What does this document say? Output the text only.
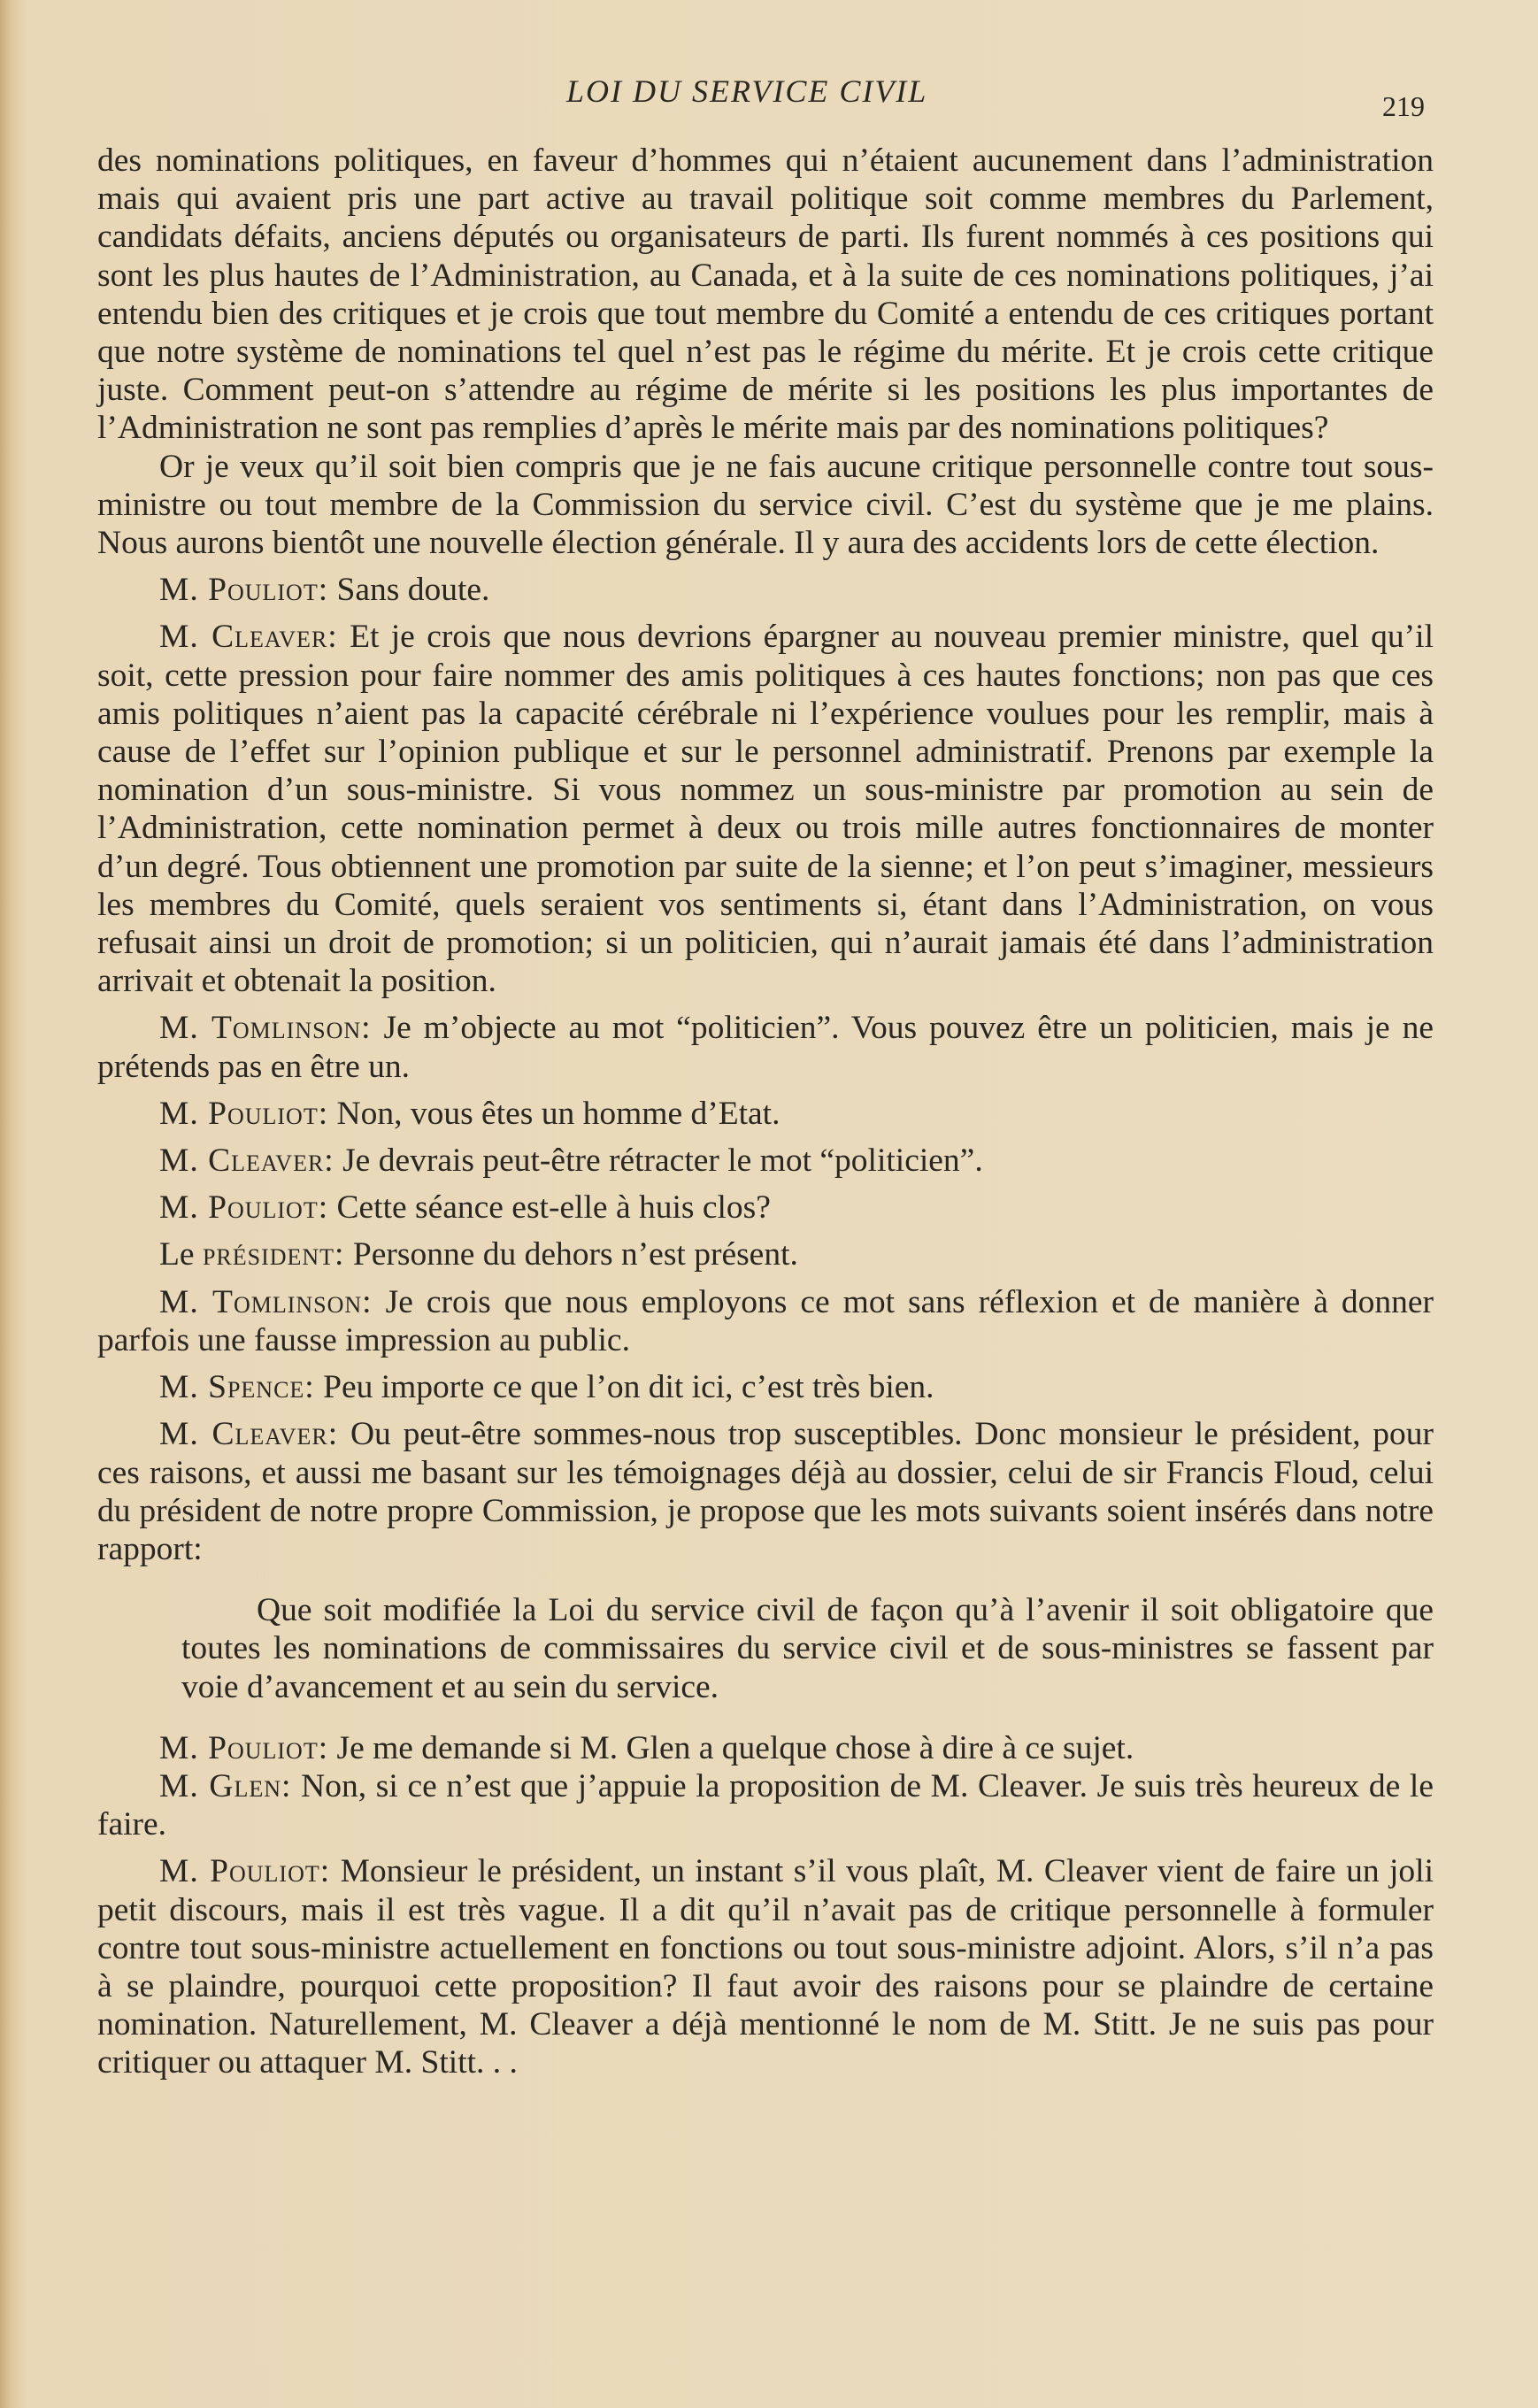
LOI DU SERVICE CIVIL	219

des nominations politiques, en faveur d’hommes qui n’étaient aucunement dans l’administration mais qui avaient pris une part active au travail politique soit comme membres du Parlement, candidats défaits, anciens députés ou organisateurs de parti. Ils furent nommés à ces positions qui sont les plus hautes de l’Administration, au Canada, et à la suite de ces nominations politiques, j’ai entendu bien des critiques et je crois que tout membre du Comité a entendu de ces critiques portant que notre système de nominations tel quel n’est pas le régime du mérite. Et je crois cette critique juste. Comment peut-on s’attendre au régime de mérite si les positions les plus importantes de l’Administration ne sont pas remplies d’après le mérite mais par des nominations politiques?

Or je veux qu’il soit bien compris que je ne fais aucune critique personnelle contre tout sous-ministre ou tout membre de la Commission du service civil. C’est du système que je me plains. Nous aurons bientôt une nouvelle élection générale. Il y aura des accidents lors de cette élection.

M. Pouliot: Sans doute.

M. Cleaver: Et je crois que nous devrions épargner au nouveau premier ministre, quel qu’il soit, cette pression pour faire nommer des amis politiques à ces hautes fonctions; non pas que ces amis politiques n’aient pas la capacité cérébrale ni l’expérience voulues pour les remplir, mais à cause de l’effet sur l’opinion publique et sur le personnel administratif. Prenons par exemple la nomination d’un sous-ministre. Si vous nommez un sous-ministre par promotion au sein de l’Administration, cette nomination permet à deux ou trois mille autres fonctionnaires de monter d’un degré. Tous obtiennent une promotion par suite de la sienne; et l’on peut s’imaginer, messieurs les membres du Comité, quels seraient vos sentiments si, étant dans l’Administration, on vous refusait ainsi un droit de promotion; si un politicien, qui n’aurait jamais été dans l’administration arrivait et obtenait la position.

M. Tomlinson: Je m’objecte au mot “politicien”. Vous pouvez être un politicien, mais je ne prétends pas en être un.

M. Pouliot: Non, vous êtes un homme d’Etat.

M. Cleaver: Je devrais peut-être rétracter le mot “politicien”.

M. Pouliot: Cette séance est-elle à huis clos?

Le président: Personne du dehors n’est présent.

M. Tomlinson: Je crois que nous employons ce mot sans réflexion et de manière à donner parfois une fausse impression au public.

M. Spence: Peu importe ce que l’on dit ici, c’est très bien.

M. Cleaver: Ou peut-être sommes-nous trop susceptibles. Donc monsieur le président, pour ces raisons, et aussi me basant sur les témoignages déjà au dossier, celui de sir Francis Floud, celui du président de notre propre Commission, je propose que les mots suivants soient insérés dans notre rapport:

Que soit modifiée la Loi du service civil de façon qu’à l’avenir il soit obligatoire que toutes les nominations de commissaires du service civil et de sous-ministres se fassent par voie d’avancement et au sein du service.

M. Pouliot: Je me demande si M. Glen a quelque chose à dire à ce sujet.

M. Glen: Non, si ce n’est que j’appuie la proposition de M. Cleaver. Je suis très heureux de le faire.

M. Pouliot: Monsieur le président, un instant s’il vous plaît, M. Cleaver vient de faire un joli petit discours, mais il est très vague. Il a dit qu’il n’avait pas de critique personnelle à formuler contre tout sous-ministre actuellement en fonctions ou tout sous-ministre adjoint. Alors, s’il n’a pas à se plaindre, pourquoi cette proposition? Il faut avoir des raisons pour se plaindre de certaine nomination. Naturellement, M. Cleaver a déjà mentionné le nom de M. Stitt. Je ne suis pas pour critiquer ou attaquer M. Stitt. . .
